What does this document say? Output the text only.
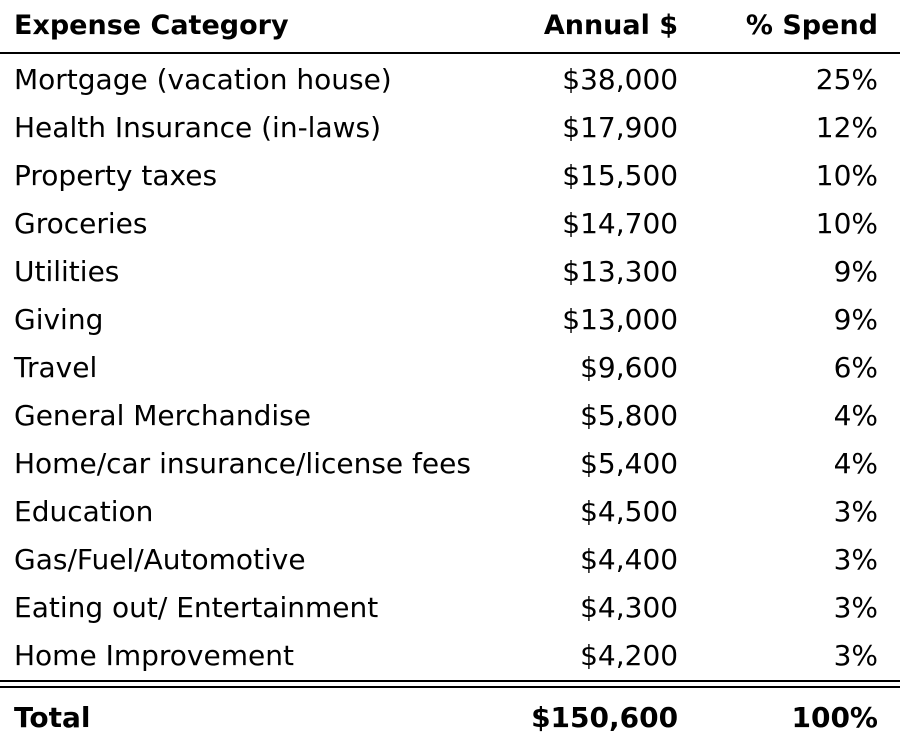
Expense Category	Annual $	% Spend
Mortgage (vacation house)	$38,000	25%
Health Insurance (in-laws)	$17,900	12%
Property taxes	$15,500	10%
Groceries	$14,700	10%
Utilities	$13,300	9%
Giving	$13,000	9%
Travel	$9,600	6%
General Merchandise	$5,800	4%
Home/car insurance/license fees	$5,400	4%
Education	$4,500	3%
Gas/Fuel/Automotive	$4,400	3%
Eating out/ Entertainment	$4,300	3%
Home Improvement	$4,200	3%

Total	$150,600	100%
